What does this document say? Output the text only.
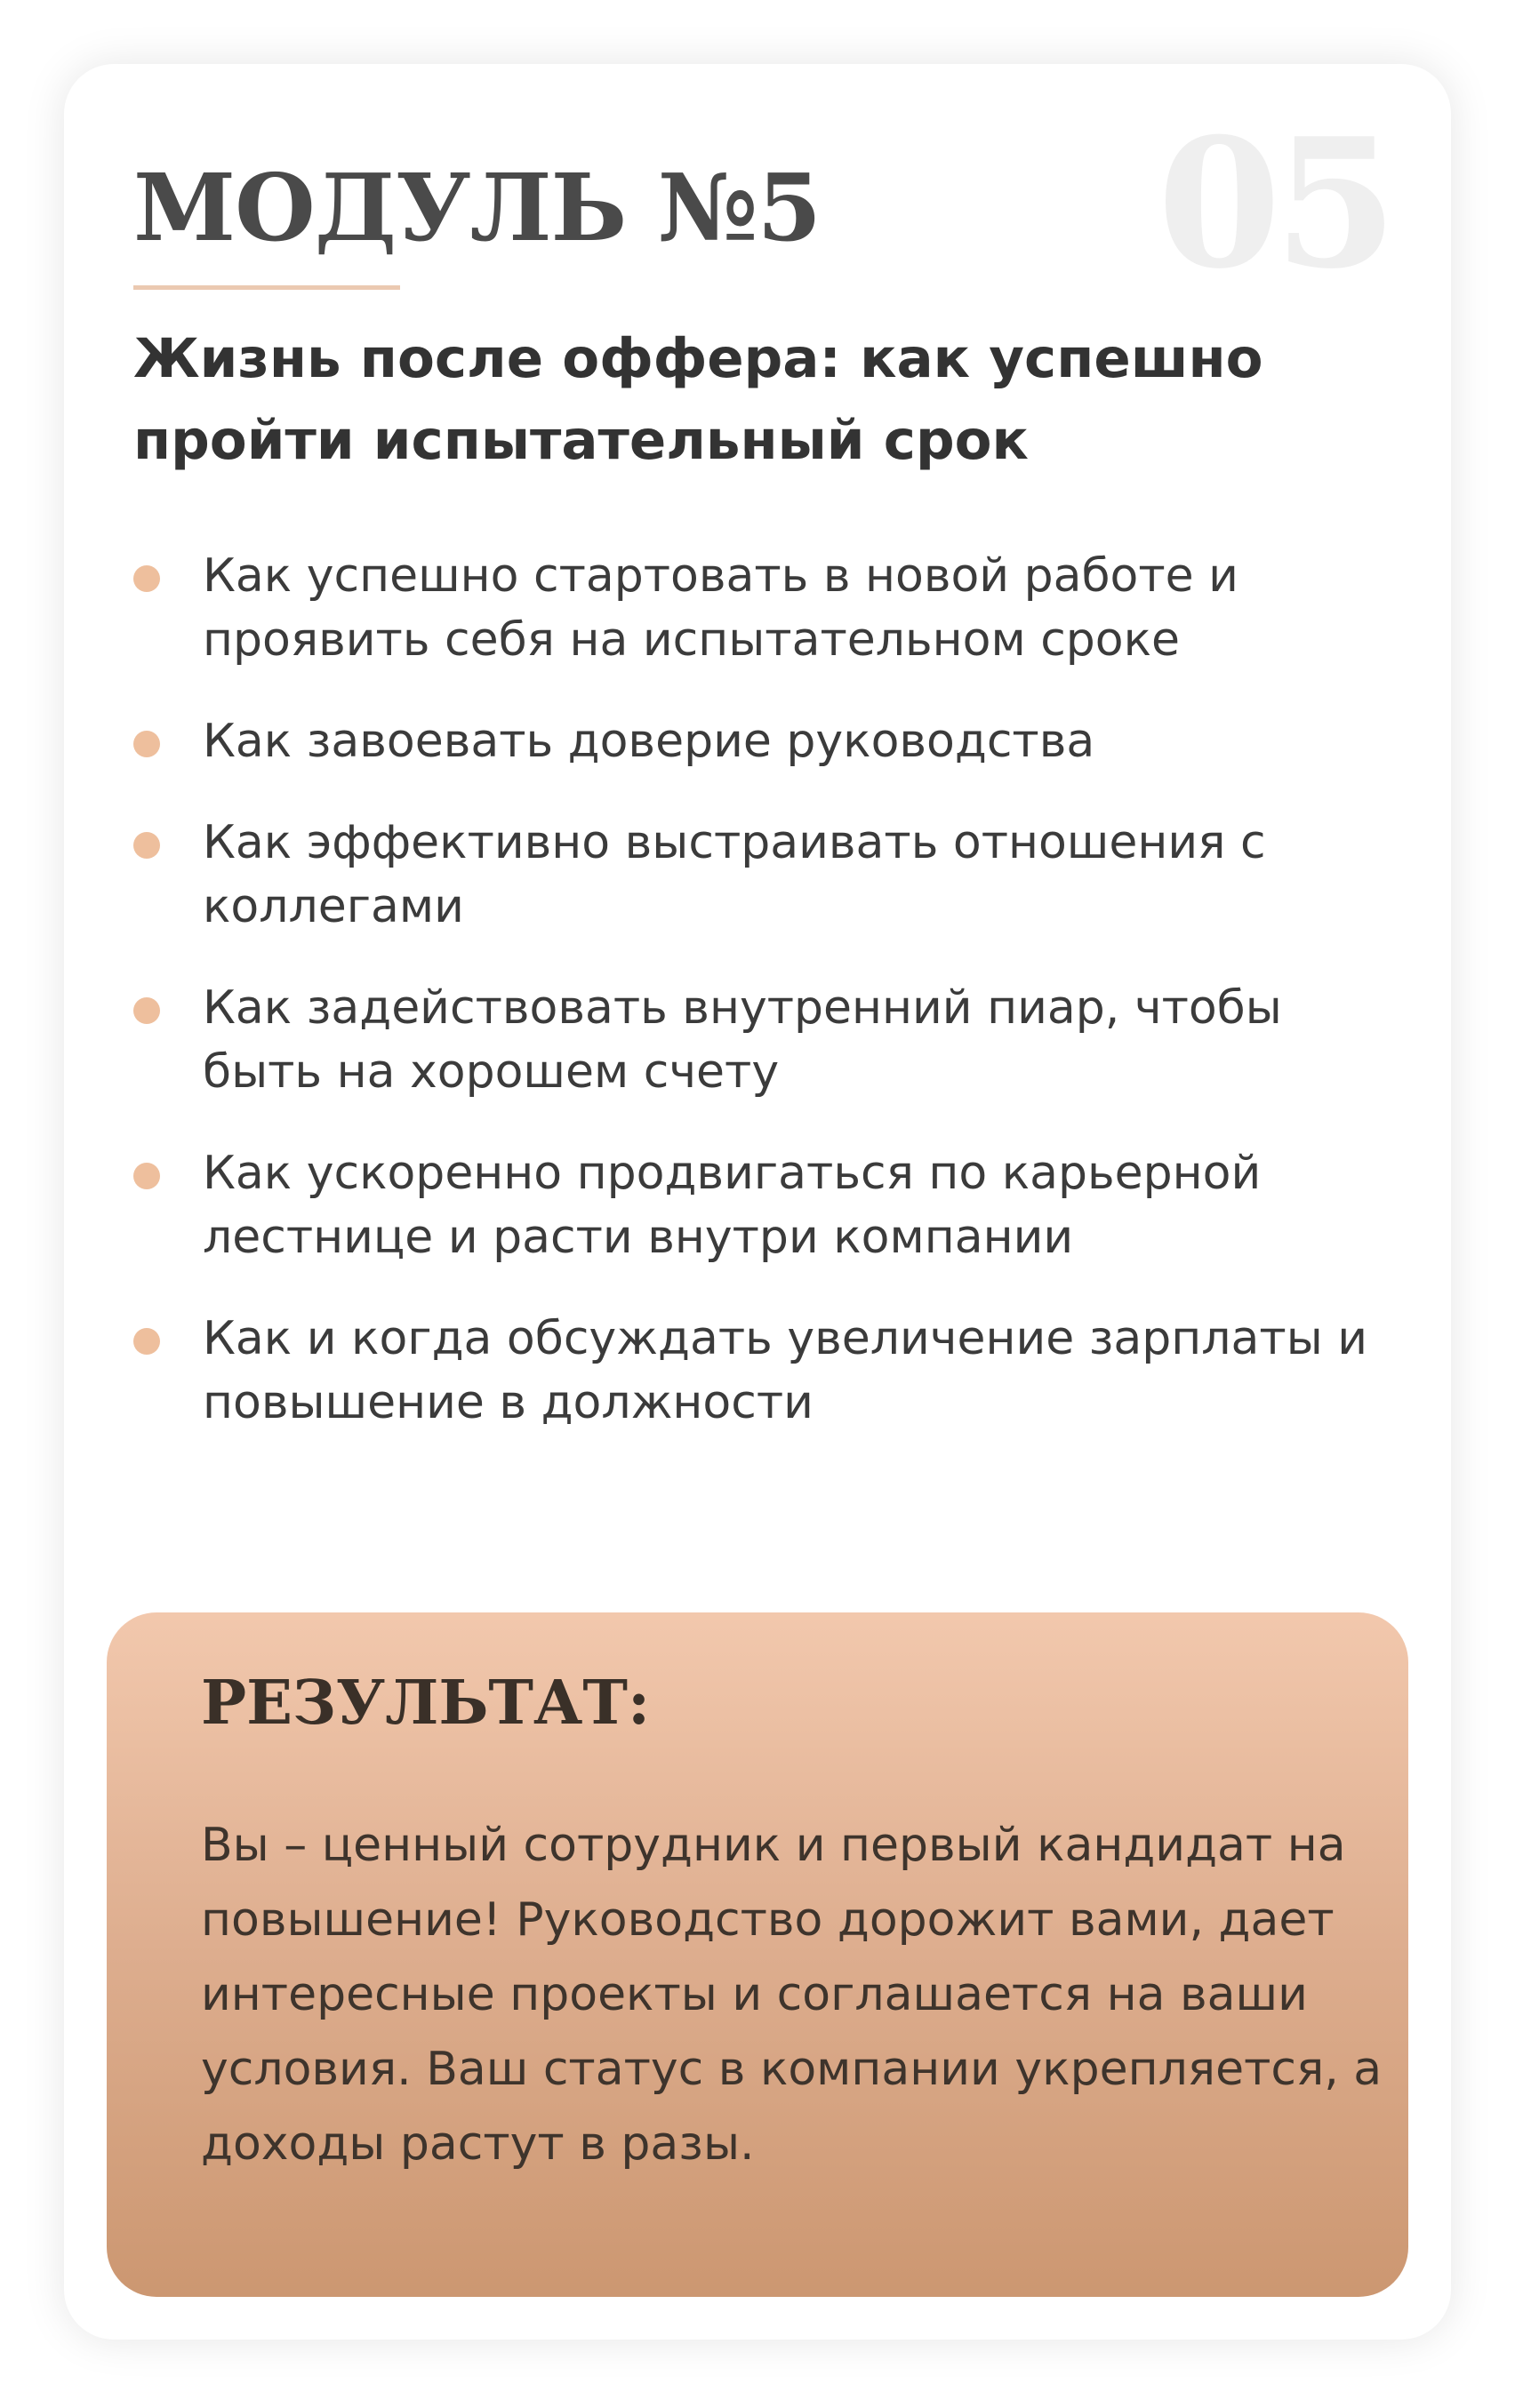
05
МОДУЛЬ №5
Жизнь после оффера: как успешно пройти испытательный срок
Как успешно стартовать в новой работе и проявить себя на испытательном сроке
Как завоевать доверие руководства
Как эффективно выстраивать отношения с коллегами
Как задействовать внутренний пиар, чтобы быть на хорошем счету
Как ускоренно продвигаться по карьерной лестнице и расти внутри компании
Как и когда обсуждать увеличение зарплаты и повышение в должности
РЕЗУЛЬТАТ:
Вы – ценный сотрудник и первый кандидат на повышение! Руководство дорожит вами, дает интересные проекты и соглашается на ваши условия. Ваш статус в компании укрепляется, а доходы растут в разы.
